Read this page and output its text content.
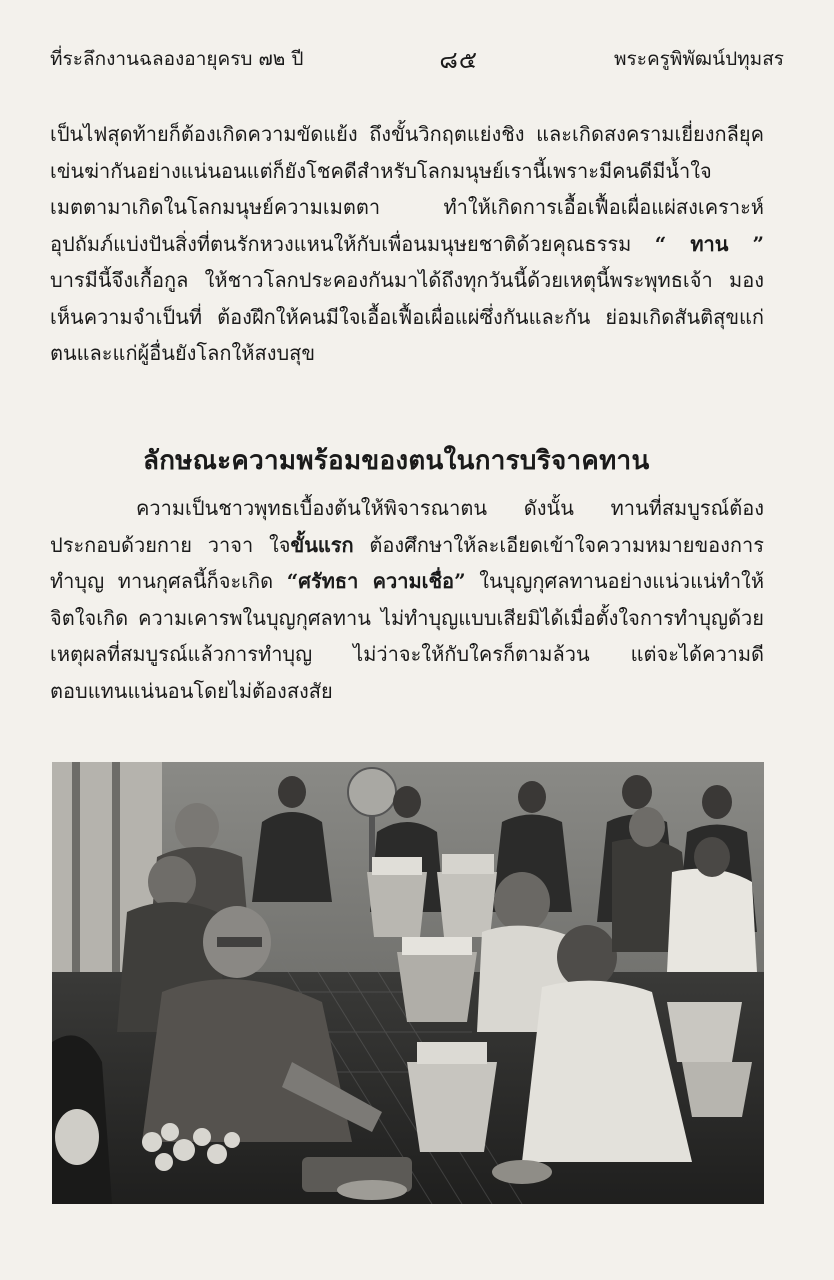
ที่ระลึกงานฉลองอายุครบ ๗๒ ปี	๘๕	พระครูพิพัฒน์ปทุมสร
เป็นไฟสุดท้ายก็ต้องเกิดความขัดแย้ง ถึงขั้นวิกฤตแย่งชิง และเกิดสงครามเยี่ยงกลียุค เข่นฆ่ากันอย่างแน่นอนแต่ก็ยังโชคดีสำหรับโลกมนุษย์เรานี้เพราะมีคนดีมีน้ำใจเมตตามาเกิดในโลกมนุษย์ความเมตตา ทำให้เกิดการเอื้อเฟื้อเผื่อแผ่สงเคราะห์อุปถัมภ์แบ่งปันสิ่งที่ตนรักหวงแหนให้กับเพื่อนมนุษยชาติด้วยคุณธรรม “ ทาน ” บารมีนี้จึงเกื้อกูล ให้ชาวโลกประคองกันมาได้ถึงทุกวันนี้ด้วยเหตุนี้พระพุทธเจ้า มองเห็นความจำเป็นที่ ต้องฝึกให้คนมีใจเอื้อเฟื้อเผื่อแผ่ซึ่งกันและกัน ย่อมเกิดสันติสุขแก่ตนและแก่ผู้อื่นยังโลกให้สงบสุข
ลักษณะความพร้อมของตนในการบริจาคทาน
ความเป็นชาวพุทธเบื้องต้นให้พิจารณาตน ดังนั้น ทานที่สมบูรณ์ต้องประกอบด้วยกาย วาจา ใจขั้นแรก ต้องศึกษาให้ละเอียดเข้าใจความหมายของการทำบุญ ทานกุศลนี้ก็จะเกิด “ศรัทธา ความเชื่อ” ในบุญกุศลทานอย่างแน่วแน่ทำให้จิตใจเกิด ความเคารพในบุญกุศลทาน ไม่ทำบุญแบบเสียมิได้เมื่อตั้งใจการทำบุญด้วยเหตุผลที่สมบูรณ์แล้วการทำบุญ ไม่ว่าจะให้กับใครก็ตามล้วน แต่จะได้ความดีตอบแทนแน่นอนโดยไม่ต้องสงสัย
